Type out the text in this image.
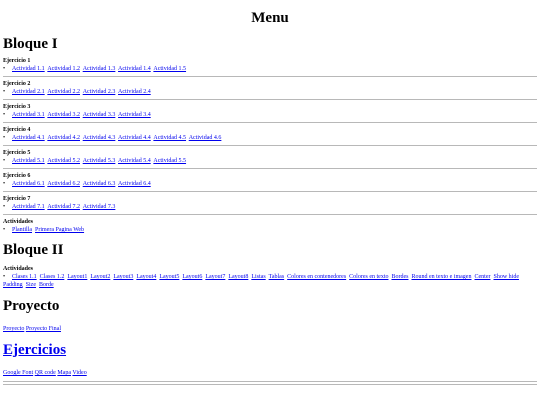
Menu
Bloque I
Ejercicio 1
• Actividad 1.1 Actividad 1.2 Actividad 1.3 Actividad 1.4 Actividad 1.5
Ejercicio 2
• Actividad 2.1 Actividad 2.2 Actividad 2.3 Actividad 2.4
Ejercicio 3
• Actividad 3.1 Actividad 3.2 Actividad 3.3 Actividad 3.4
Ejercicio 4
• Actividad 4.1 Actividad 4.2 Actividad 4.3 Actividad 4.4 Actividad 4.5 Actividad 4.6
Ejercicio 5
• Actividad 5.1 Actividad 5.2 Actividad 5.3 Actividad 5.4 Actividad 5.5
Ejercicio 6
• Actividad 6.1 Actividad 6.2 Actividad 6.3 Actividad 6.4
Ejercicio 7
• Actividad 7.1 Actividad 7.2 Actividad 7.3
Actividades
• Plantilla Primera Pagina Web
Bloque II
Actividades
• Clases 1.1 Clases 1.2 Layout1 Layout2 Layout3 Layout4 Layout5 Layout6 Layout7 Layout8 Listas Tablas Colores en contenedores Colores en texto Bordes Round en texto e imagen Center Show hide Padding Size Borde
Proyecto
Proyecto Proyecto Final
Ejercicios
Google Font QR code Mapa Video
